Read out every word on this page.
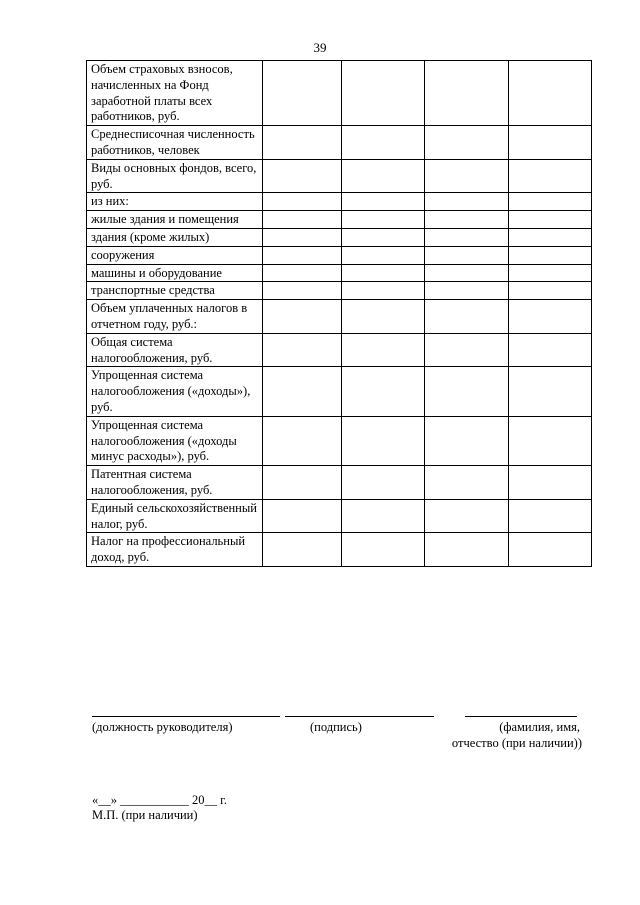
39
Объем страховых взносов, начисленных на Фонд заработной платы всех работников, руб.				
Среднесписочная численность работников, человек				
Виды основных фондов, всего, руб.				
из них:				
жилые здания и помещения				
здания (кроме жилых)				
сооружения				
машины и оборудование				
транспортные средства				
Объем уплаченных налогов в отчетном году, руб.:				
Общая система налогообложения, руб.				
Упрощенная система налогообложения («доходы»), руб.				
Упрощенная система налогообложения («доходы минус расходы»), руб.				
Патентная система налогообложения, руб.				
Единый сельскохозяйственный налог, руб.				
Налог на профессиональный доход, руб.				
(должность руководителя)	(подпись)	(фамилия, имя,
отчество (при наличии))
«__» ___________ 20__ г.
М.П. (при наличии)
